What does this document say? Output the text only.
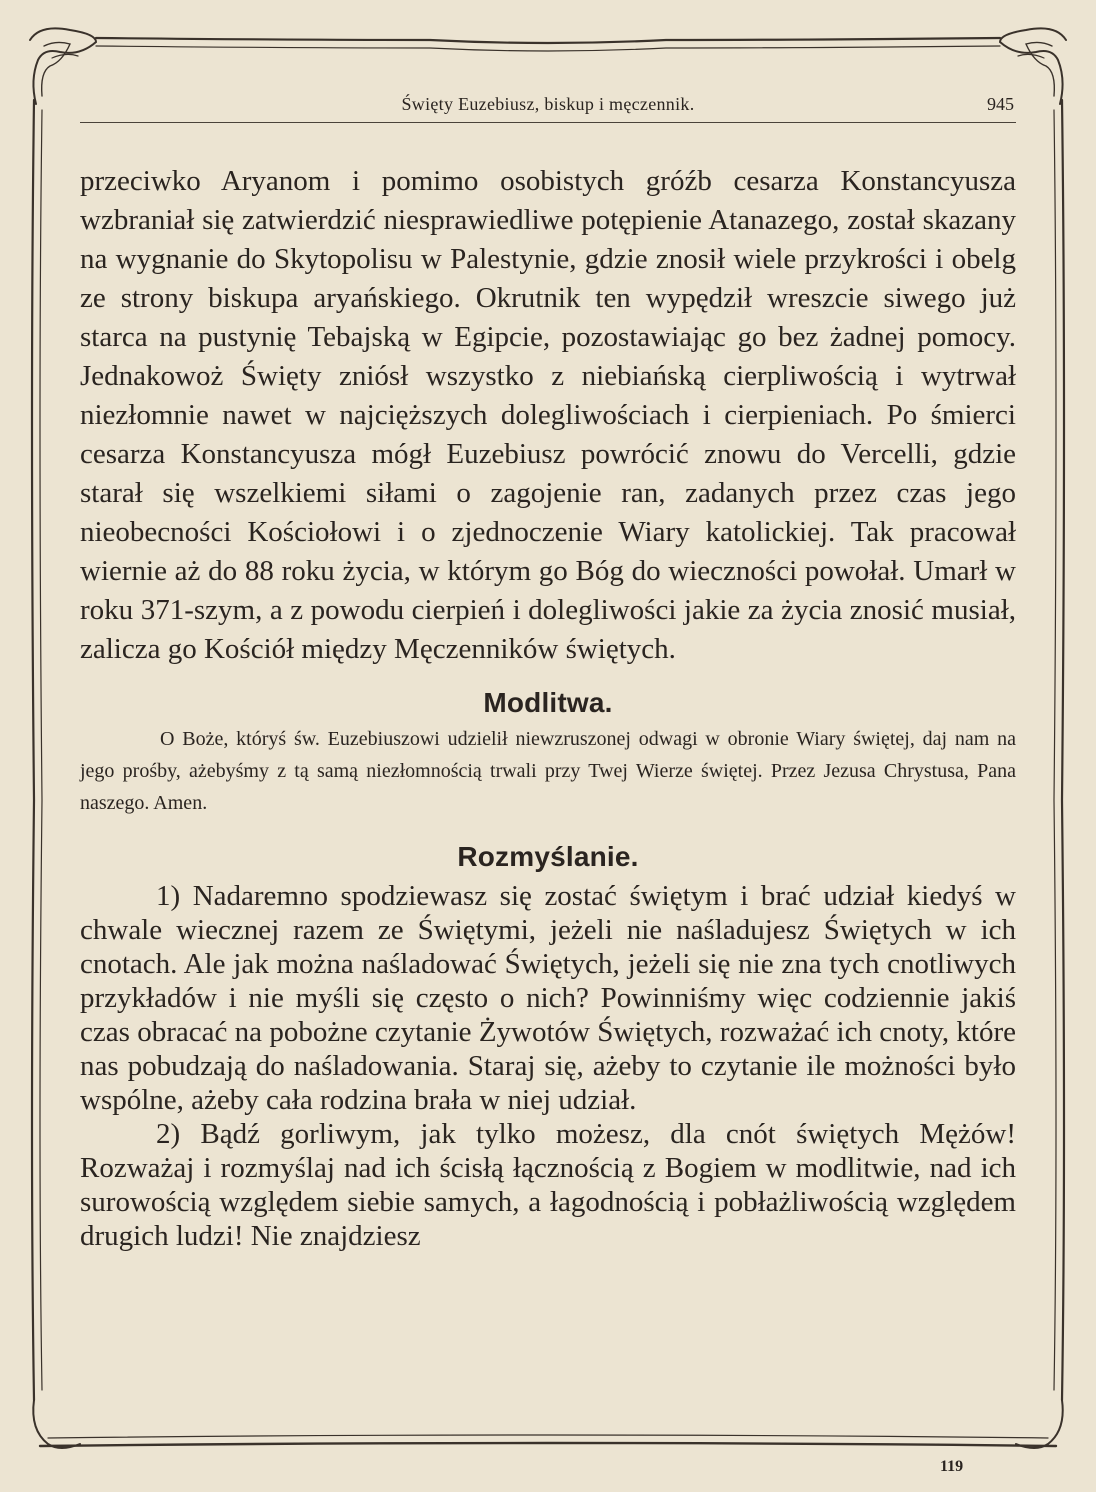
Święty Euzebiusz, biskup i męczennik.	945

przeciwko Aryanom i pomimo osobistych gróźb cesarza Konstancyusza wzbraniał się zatwierdzić niesprawiedliwe potępienie Atanazego, został skazany na wygnanie do Skytopolisu w Palestynie, gdzie znosił wiele przykrości i obelg ze strony biskupa aryańskiego. Okrutnik ten wypędził wreszcie siwego już starca na pustynię Tebajską w Egipcie, pozostawiając go bez żadnej pomocy. Jednakowoż Święty zniósł wszystko z niebiańską cierpliwością i wytrwał niezłomnie nawet w najcięższych dolegliwościach i cierpieniach. Po śmierci cesarza Konstancyusza mógł Euzebiusz powrócić znowu do Vercelli, gdzie starał się wszelkiemi siłami o zagojenie ran, zadanych przez czas jego nieobecności Kościołowi i o zjednoczenie Wiary katolickiej. Tak pracował wiernie aż do 88 roku życia, w którym go Bóg do wieczności powołał. Umarł w roku 371-szym, a z powodu cierpień i dolegliwości jakie za życia znosić musiał, zalicza go Kościół między Męczenników świętych.

Modlitwa.

O Boże, któryś św. Euzebiuszowi udzielił niewzruszonej odwagi w obronie Wiary świętej, daj nam na jego prośby, ażebyśmy z tą samą niezłomnością trwali przy Twej Wierze świętej. Przez Jezusa Chrystusa, Pana naszego. Amen.

Rozmyślanie.

1) Nadaremno spodziewasz się zostać świętym i brać udział kiedyś w chwale wiecznej razem ze Świętymi, jeżeli nie naśladujesz Świętych w ich cnotach. Ale jak można naśladować Świętych, jeżeli się nie zna tych cnotliwych przykładów i nie myśli się często o nich? Powinniśmy więc codziennie jakiś czas obracać na pobożne czytanie Żywotów Świętych, rozważać ich cnoty, które nas pobudzają do naśladowania. Staraj się, ażeby to czytanie ile możności było wspólne, ażeby cała rodzina brała w niej udział.

2) Bądź gorliwym, jak tylko możesz, dla cnót świętych Mężów! Rozważaj i rozmyślaj nad ich ścisłą łącznością z Bogiem w modlitwie, nad ich surowością względem siebie samych, a łagodnością i pobłażliwością względem drugich ludzi! Nie znajdziesz

119
